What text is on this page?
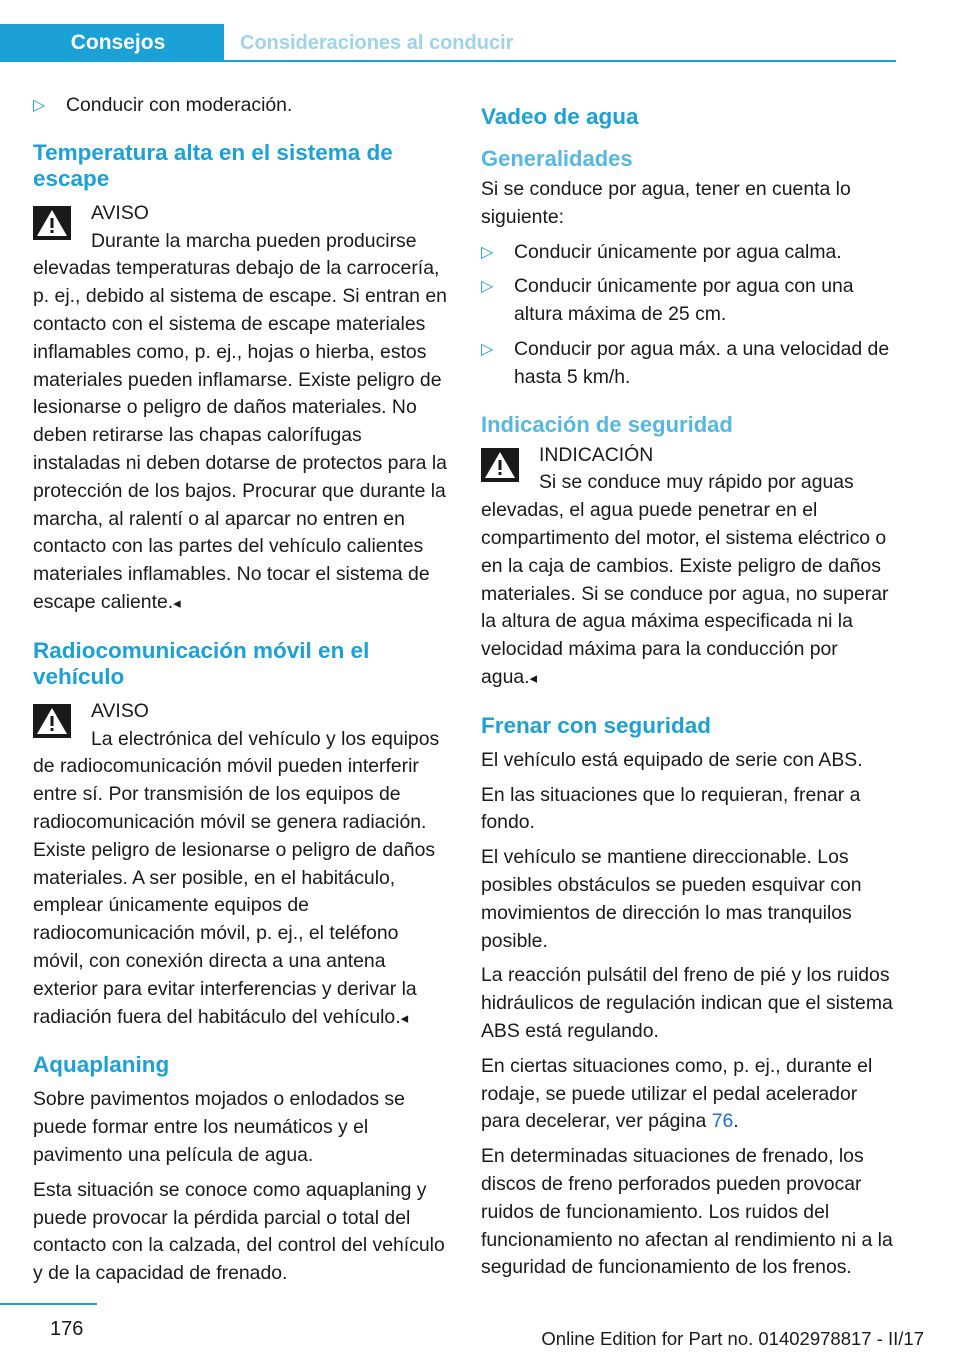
Consejos	Consideraciones al conducir
▷	Conducir con moderación.
Temperatura alta en el sistema de escape
AVISO
Durante la marcha pueden producirse elevadas temperaturas debajo de la carrocería, p. ej., debido al sistema de escape. Si entran en contacto con el sistema de escape materiales inflamables como, p. ej., hojas o hierba, estos materiales pueden inflamarse. Existe peligro de lesionarse o peligro de daños materiales. No deben retirarse las chapas calorífugas instaladas ni deben dotarse de protectos para la protección de los bajos. Procurar que durante la marcha, al ralentí o al aparcar no entren en contacto con las partes del vehículo calientes materiales inflamables. No tocar el sistema de escape caliente.◂
Radiocomunicación móvil en el vehículo
AVISO
La electrónica del vehículo y los equipos de radiocomunicación móvil pueden interferir entre sí. Por transmisión de los equipos de radiocomunicación móvil se genera radiación. Existe peligro de lesionarse o peligro de daños materiales. A ser posible, en el habitáculo, emplear únicamente equipos de radiocomunicación móvil, p. ej., el teléfono móvil, con conexión directa a una antena exterior para evitar interferencias y derivar la radiación fuera del habitáculo del vehículo.◂
Aquaplaning

Sobre pavimentos mojados o enlodados se puede formar entre los neumáticos y el pavimento una película de agua.

Esta situación se conoce como aquaplaning y puede provocar la pérdida parcial o total del contacto con la calzada, del control del vehículo y de la capacidad de frenado.

Vadeo de agua
Generalidades

Si se conduce por agua, tener en cuenta lo siguiente:

▷	Conducir únicamente por agua calma.
▷	Conducir únicamente por agua con una altura máxima de 25 cm.
▷	Conducir por agua máx. a una velocidad de hasta 5 km/h.
Indicación de seguridad
INDICACIÓN
Si se conduce muy rápido por aguas elevadas, el agua puede penetrar en el compartimento del motor, el sistema eléctrico o en la caja de cambios. Existe peligro de daños materiales. Si se conduce por agua, no superar la altura de agua máxima especificada ni la velocidad máxima para la conducción por agua.◂
Frenar con seguridad

El vehículo está equipado de serie con ABS.

En las situaciones que lo requieran, frenar a fondo.

El vehículo se mantiene direccionable. Los posibles obstáculos se pueden esquivar con movimientos de dirección lo mas tranquilos posible.

La reacción pulsátil del freno de pié y los ruidos hidráulicos de regulación indican que el sistema ABS está regulando.

En ciertas situaciones como, p. ej., durante el rodaje, se puede utilizar el pedal acelerador para decelerar, ver página 76.

En determinadas situaciones de frenado, los discos de freno perforados pueden provocar ruidos de funcionamiento. Los ruidos del funcionamiento no afectan al rendimiento ni a la seguridad de funcionamiento de los frenos.

176	Online Edition for Part no. 01402978817 - II/17
